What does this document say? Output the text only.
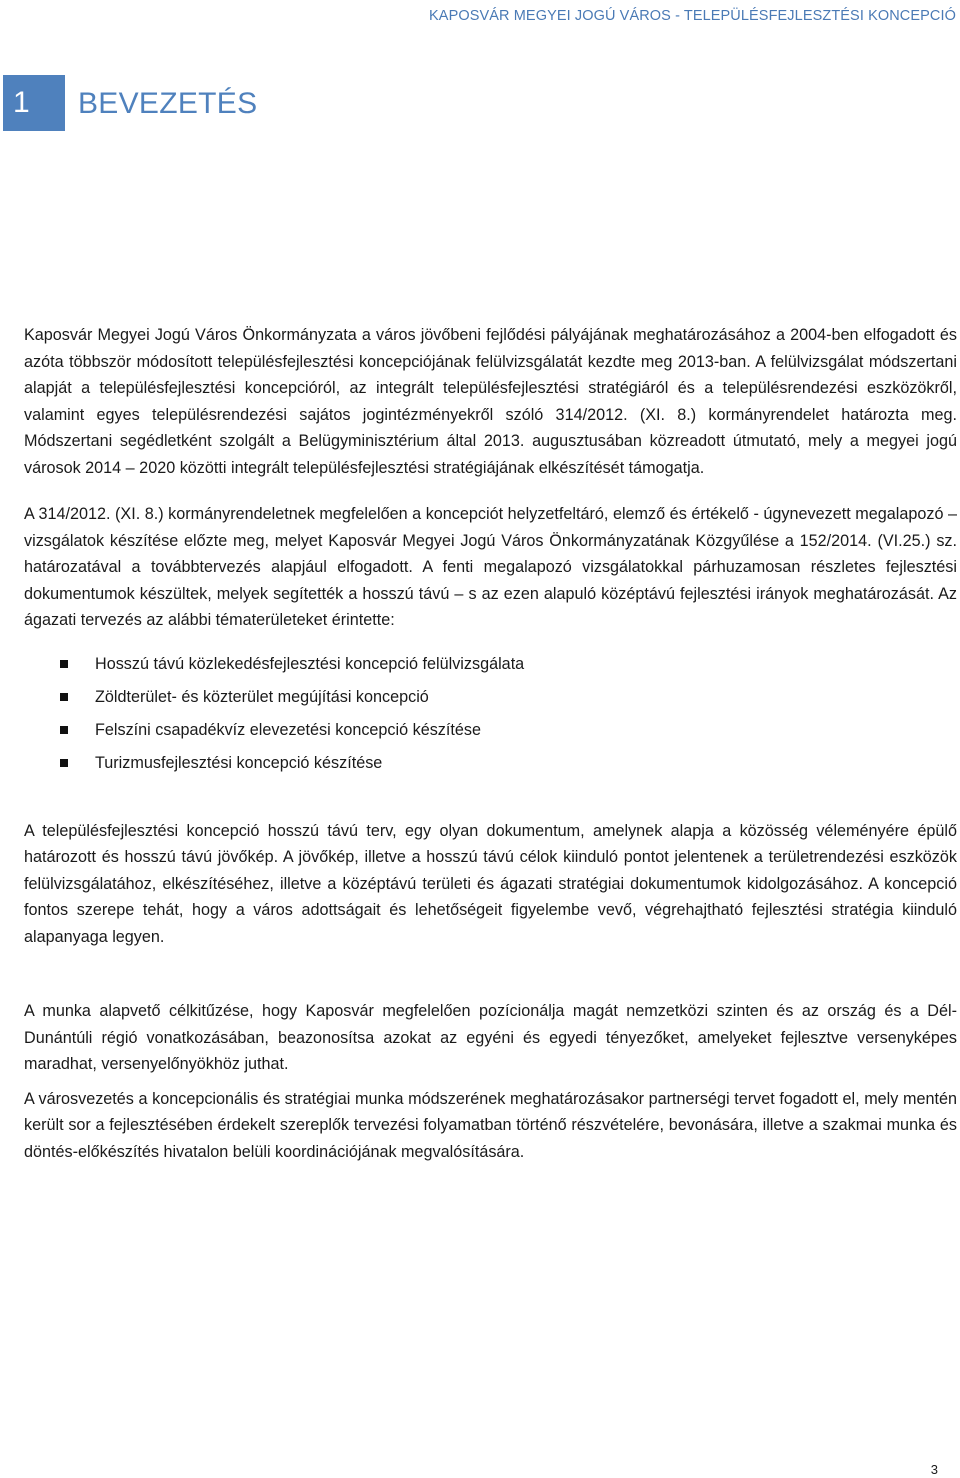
KAPOSVÁR MEGYEI JOGÚ VÁROS - TELEPÜLÉSFEJLESZTÉSI KONCEPCIÓ
1	BEVEZETÉS

Kaposvár Megyei Jogú Város Önkormányzata a város jövőbeni fejlődési pályájának meghatározásához a 2004-ben elfogadott és azóta többször módosított településfejlesztési koncepciójának felülvizsgálatát kezdte meg 2013-ban. A felülvizsgálat módszertani alapját a településfejlesztési koncepcióról, az integrált településfejlesztési stratégiáról és a településrendezési eszközökről, valamint egyes településrendezési sajátos jogintézményekről szóló 314/2012. (XI. 8.) kormányrendelet határozta meg. Módszertani segédletként szolgált a Belügyminisztérium által 2013. augusztusában közreadott útmutató, mely a megyei jogú városok 2014 – 2020 közötti integrált településfejlesztési stratégiájának elkészítését támogatja.

A 314/2012. (XI. 8.) kormányrendeletnek megfelelően a koncepciót helyzetfeltáró, elemző és értékelő - úgynevezett megalapozó – vizsgálatok készítése előzte meg, melyet Kaposvár Megyei Jogú Város Önkormányzatának Közgyűlése a 152/2014. (VI.25.) sz. határozatával a továbbtervezés alapjául elfogadott. A fenti megalapozó vizsgálatokkal párhuzamosan részletes fejlesztési dokumentumok készültek, melyek segítették a hosszú távú – s az ezen alapuló középtávú fejlesztési irányok meghatározását. Az ágazati tervezés az alábbi tématerületeket érintette:

Hosszú távú közlekedésfejlesztési koncepció felülvizsgálata
Zöldterület- és közterület megújítási koncepció
Felszíni csapadékvíz elevezetési koncepció készítése
Turizmusfejlesztési koncepció készítése

A településfejlesztési koncepció hosszú távú terv, egy olyan dokumentum, amelynek alapja a közösség véleményére épülő határozott és hosszú távú jövőkép. A jövőkép, illetve a hosszú távú célok kiinduló pontot jelentenek a területrendezési eszközök felülvizsgálatához, elkészítéséhez, illetve a középtávú területi és ágazati stratégiai dokumentumok kidolgozásához. A koncepció fontos szerepe tehát, hogy a város adottságait és lehetőségeit figyelembe vevő, végrehajtható fejlesztési stratégia kiinduló alapanyaga legyen.

A munka alapvető célkitűzése, hogy Kaposvár megfelelően pozícionálja magát nemzetközi szinten és az ország és a Dél-Dunántúli régió vonatkozásában, beazonosítsa azokat az egyéni és egyedi tényezőket, amelyeket fejlesztve versenyképes maradhat, versenyelőnyökhöz juthat.

A városvezetés a koncepcionális és stratégiai munka módszerének meghatározásakor partnerségi tervet fogadott el, mely mentén került sor a fejlesztésében érdekelt szereplők tervezési folyamatban történő részvételére, bevonására, illetve a szakmai munka és döntés-előkészítés hivatalon belüli koordinációjának megvalósítására.

3
